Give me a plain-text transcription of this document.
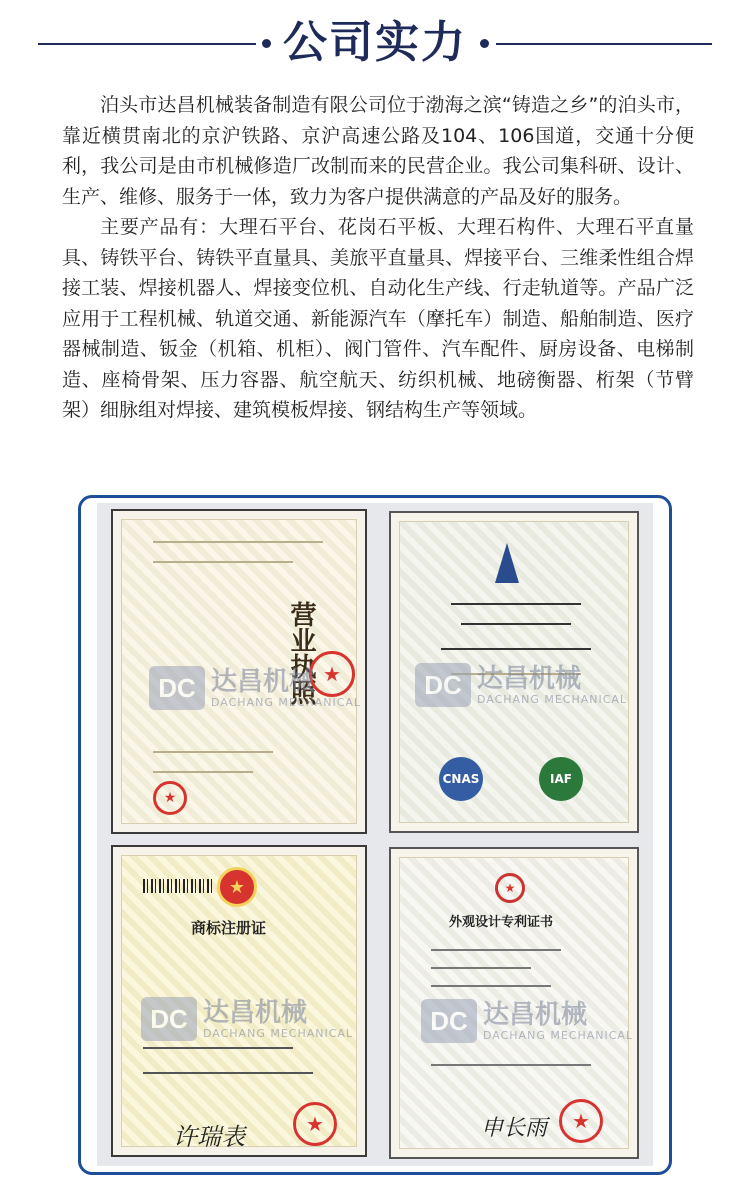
公司实力

泊头市达昌机械装备制造有限公司位于渤海之滨“铸造之乡”的泊头市，靠近横贯南北的京沪铁路、京沪高速公路及104、106国道，交通十分便利，我公司是由市机械修造厂改制而来的民营企业。我公司集科研、设计、生产、维修、服务于一体，致力为客户提供满意的产品及好的服务。

主要产品有：大理石平台、花岗石平板、大理石构件、大理石平直量具、铸铁平台、铸铁平直量具、美旅平直量具、焊接平台、三维柔性组合焊接工装、焊接机器人、焊接变位机、自动化生产线、行走轨道等。产品广泛应用于工程机械、轨道交通、新能源汽车（摩托车）制造、船舶制造、医疗器械制造、钣金（机箱、机柜）、阀门管件、汽车配件、厨房设备、电梯制造、座椅骨架、压力容器、航空航天、纺织机械、地磅衡器、桁架（节臂架）细脉组对焊接、建筑模板焊接、钢结构生产等领域。

营业执照 ★
★
DC 达昌机械
DACHANG MECHANICAL
CNAS	IAF
DC 达昌机械
DACHANG MECHANICAL
★
商标注册证
许瑞表	★
DC 达昌机械
DACHANG MECHANICAL
★
外观设计专利证书
申长雨	★
DC 达昌机械
DACHANG MECHANICAL
